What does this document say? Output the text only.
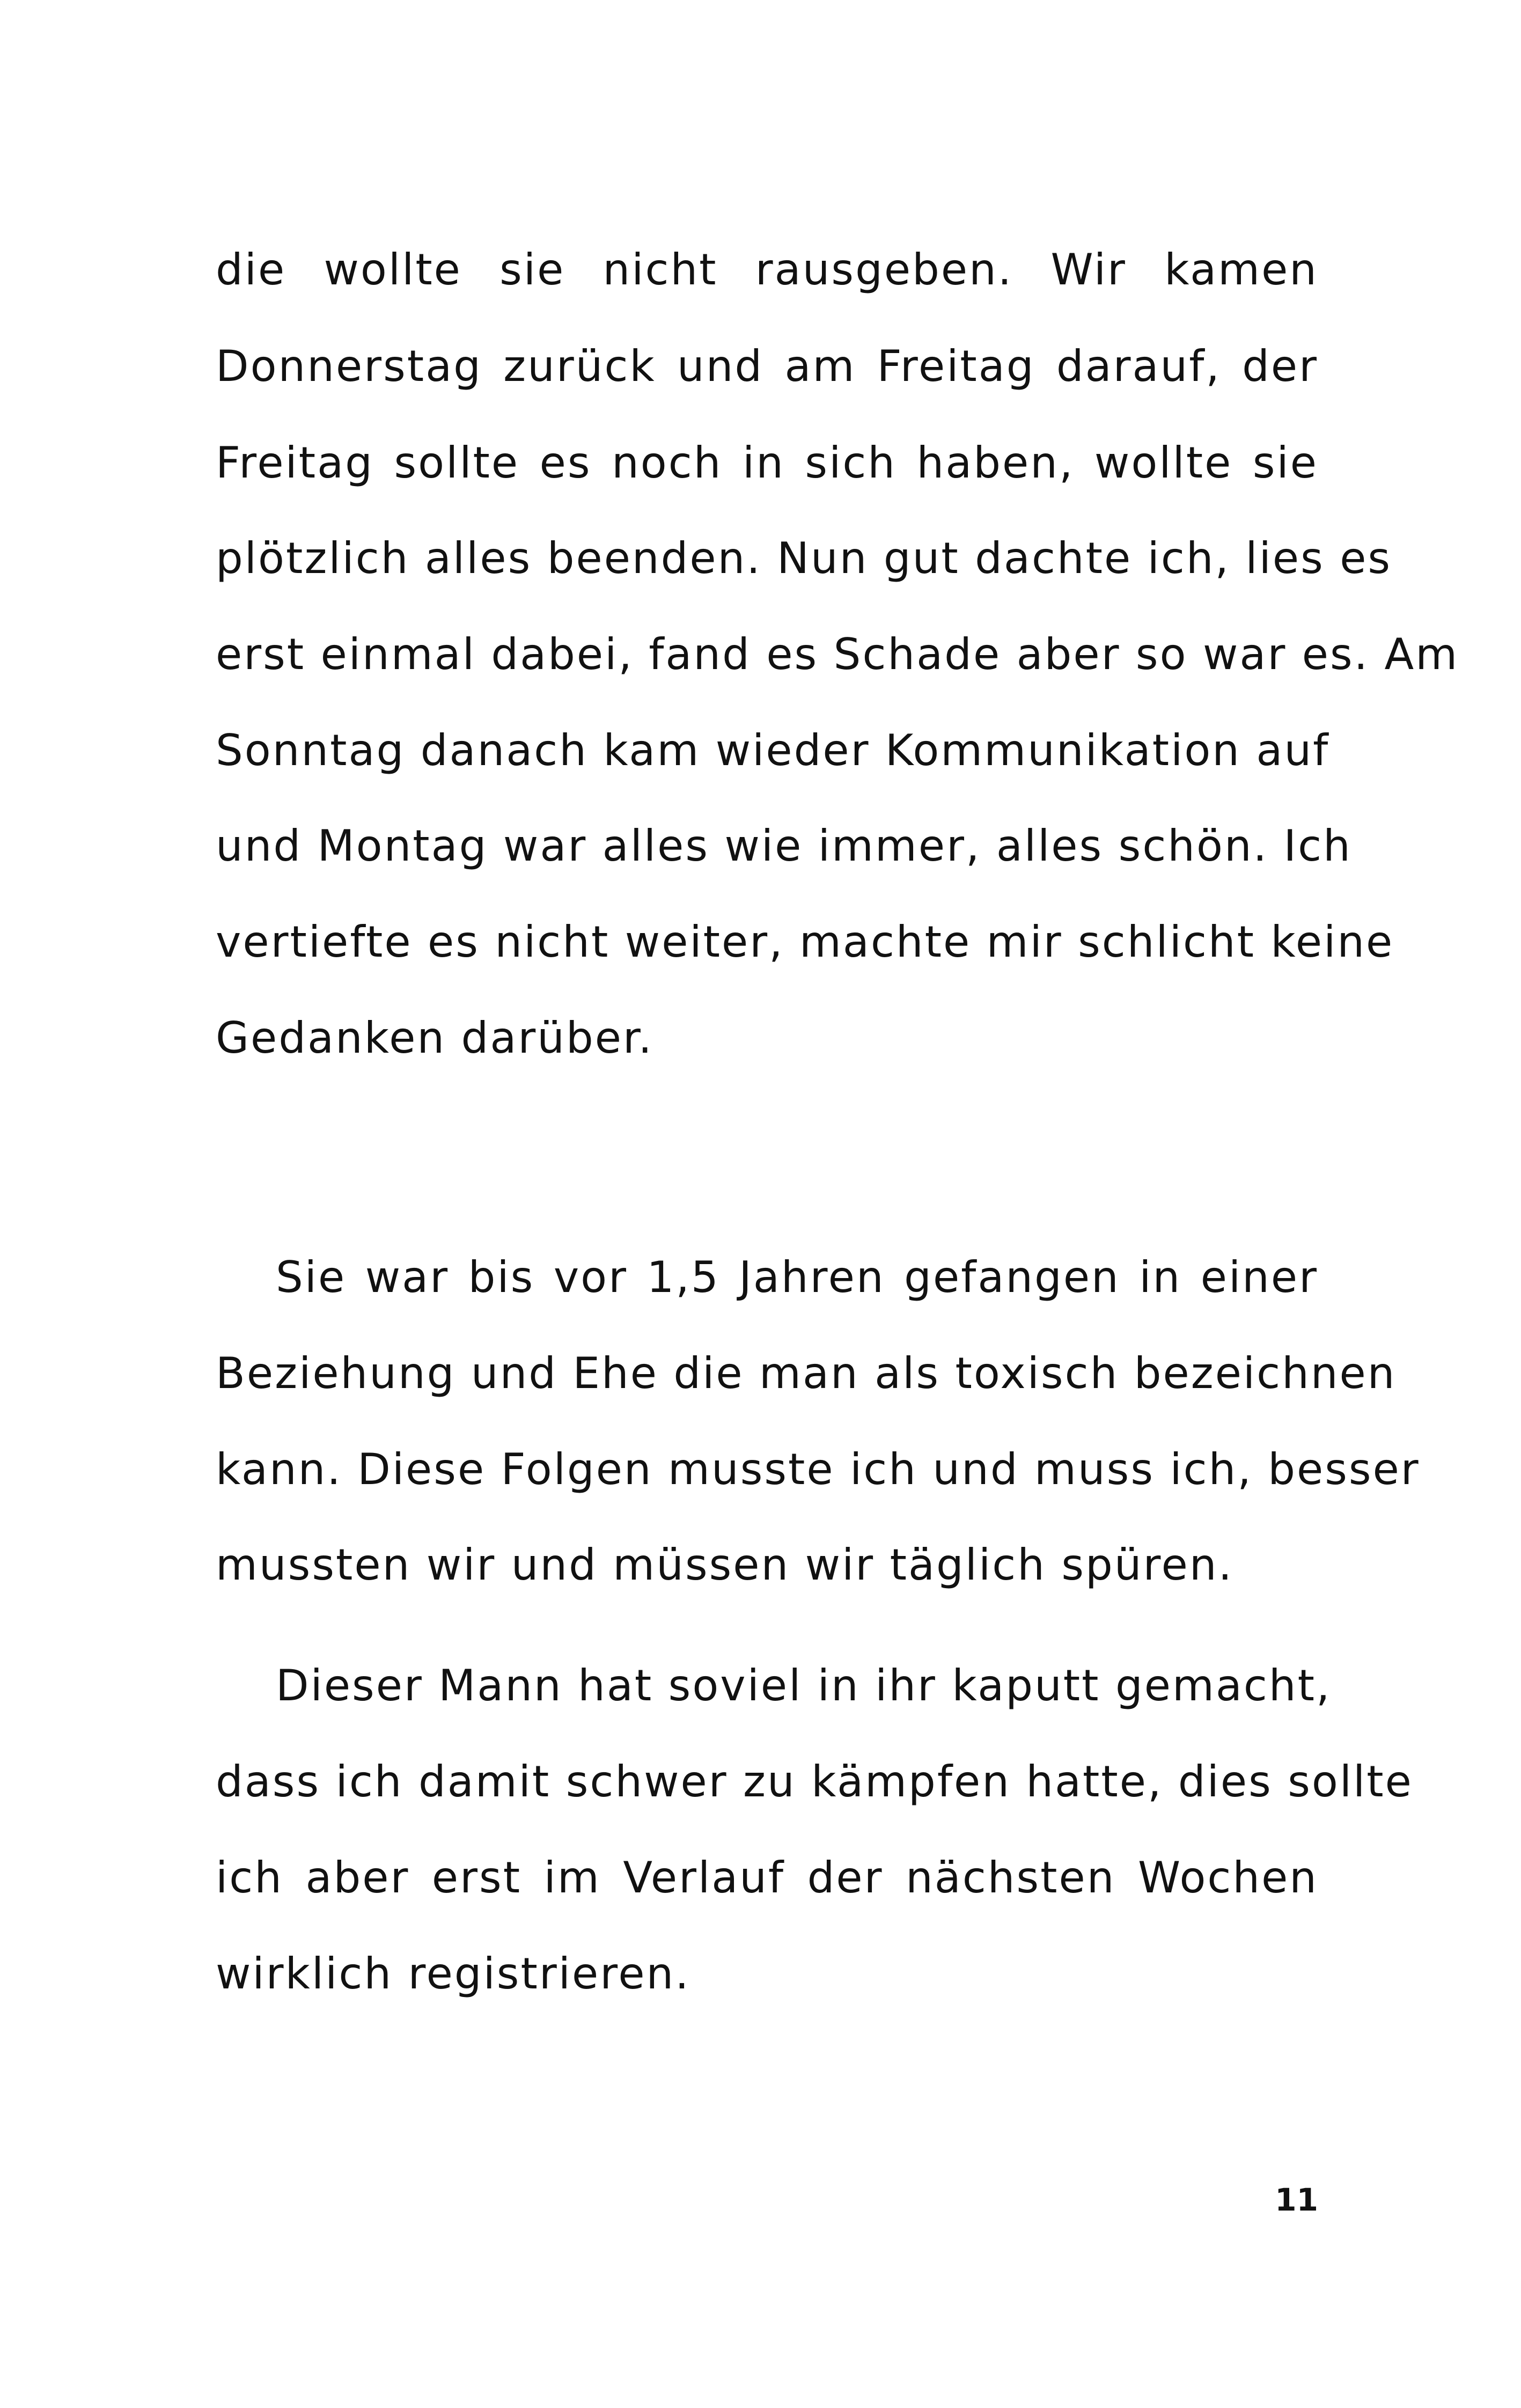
die wollte sie nicht rausgeben. Wir kamen
Donnerstag zurück und am Freitag darauf, der
Freitag sollte es noch in sich haben, wollte sie
plötzlich alles beenden. Nun gut dachte ich, lies es
erst einmal dabei, fand es Schade aber so war es. Am
Sonntag danach kam wieder Kommunikation auf
und Montag war alles wie immer, alles schön. Ich
vertiefte es nicht weiter, machte mir schlicht keine
Gedanken darüber.
Sie war bis vor 1,5 Jahren gefangen in einer
Beziehung und Ehe die man als toxisch bezeichnen
kann. Diese Folgen musste ich und muss ich, besser
mussten wir und müssen wir täglich spüren.
Dieser Mann hat soviel in ihr kaputt gemacht,
dass ich damit schwer zu kämpfen hatte, dies sollte
ich aber erst im Verlauf der nächsten Wochen
wirklich registrieren.
11
